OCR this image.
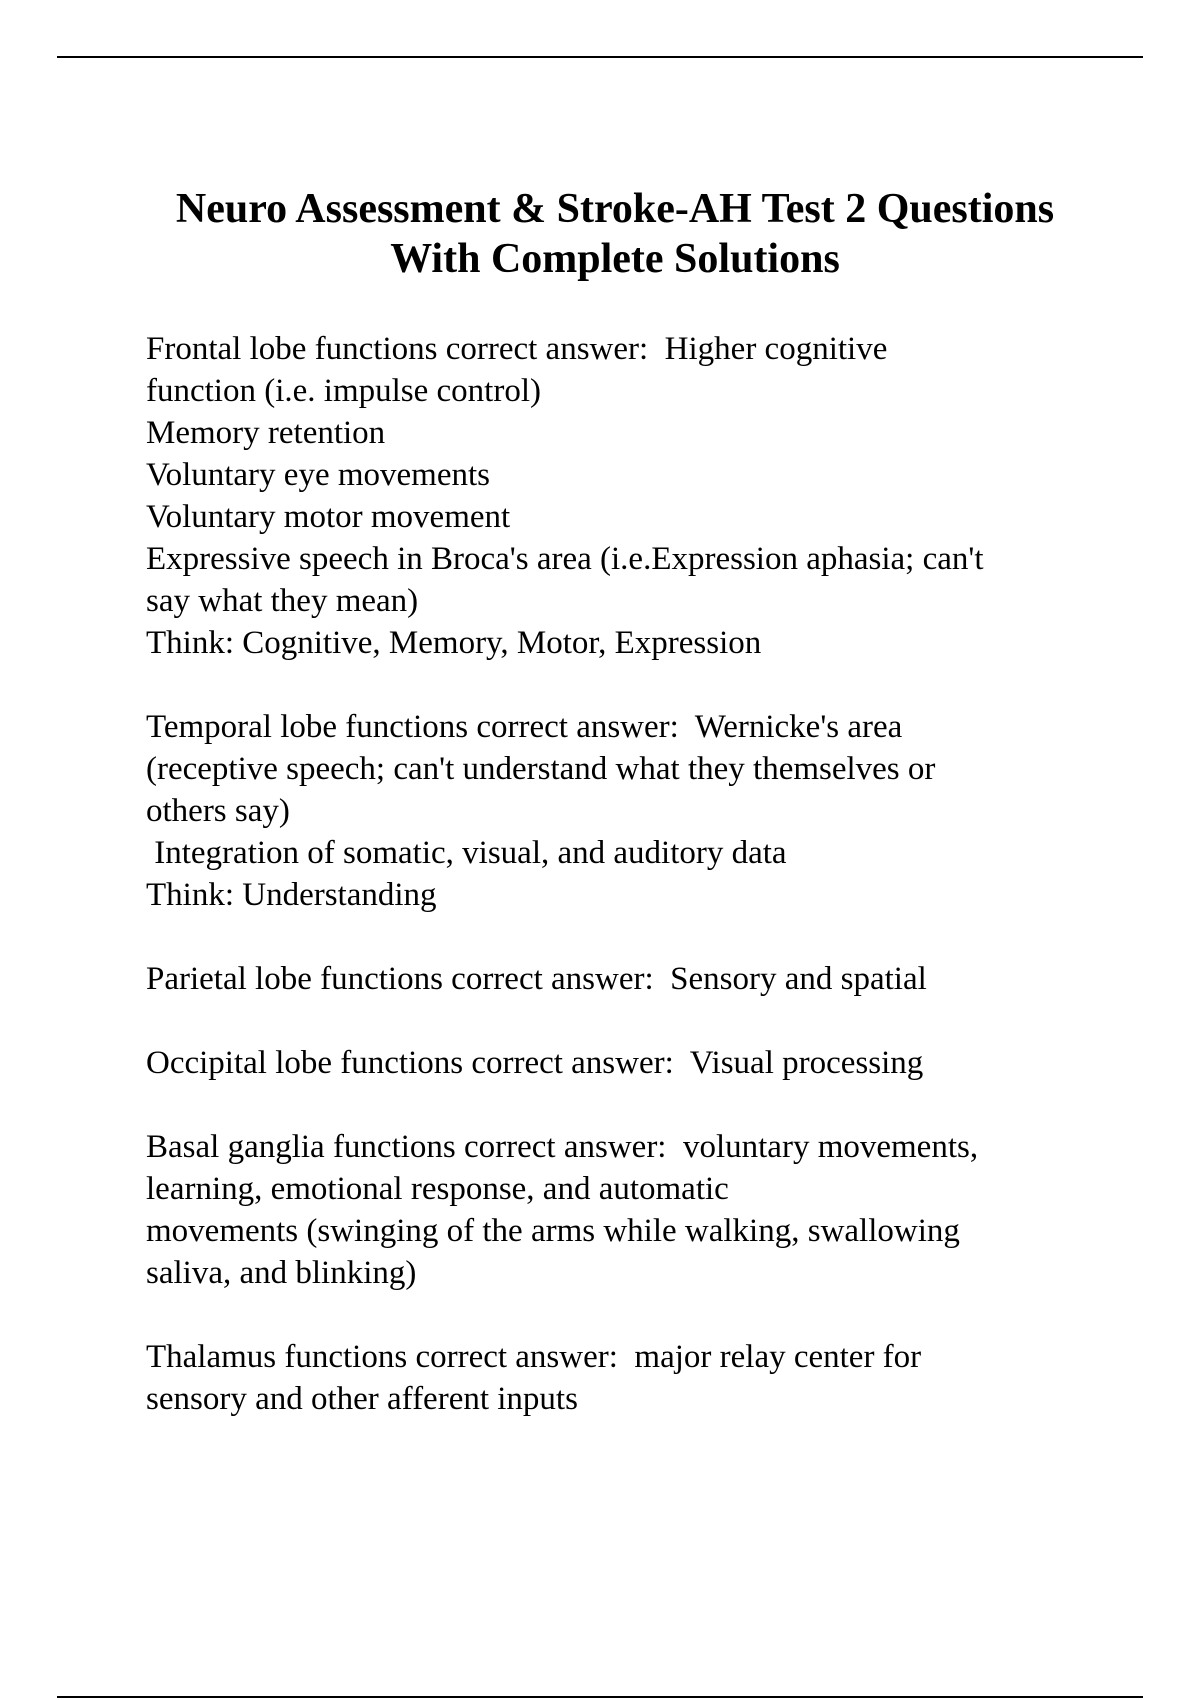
Neuro Assessment & Stroke-AH Test 2 Questions
With Complete Solutions
Frontal lobe functions correct answer:  Higher cognitive
function (i.e. impulse control)
Memory retention
Voluntary eye movements
Voluntary motor movement
Expressive speech in Broca's area (i.e.Expression aphasia; can't
say what they mean)
Think: Cognitive, Memory, Motor, Expression
Temporal lobe functions correct answer:  Wernicke's area
(receptive speech; can't understand what they themselves or
others say)
Integration of somatic, visual, and auditory data
Think: Understanding
Parietal lobe functions correct answer:  Sensory and spatial
Occipital lobe functions correct answer:  Visual processing
Basal ganglia functions correct answer:  voluntary movements,
learning, emotional response, and automatic
movements (swinging of the arms while walking, swallowing
saliva, and blinking)
Thalamus functions correct answer:  major relay center for
sensory and other afferent inputs
